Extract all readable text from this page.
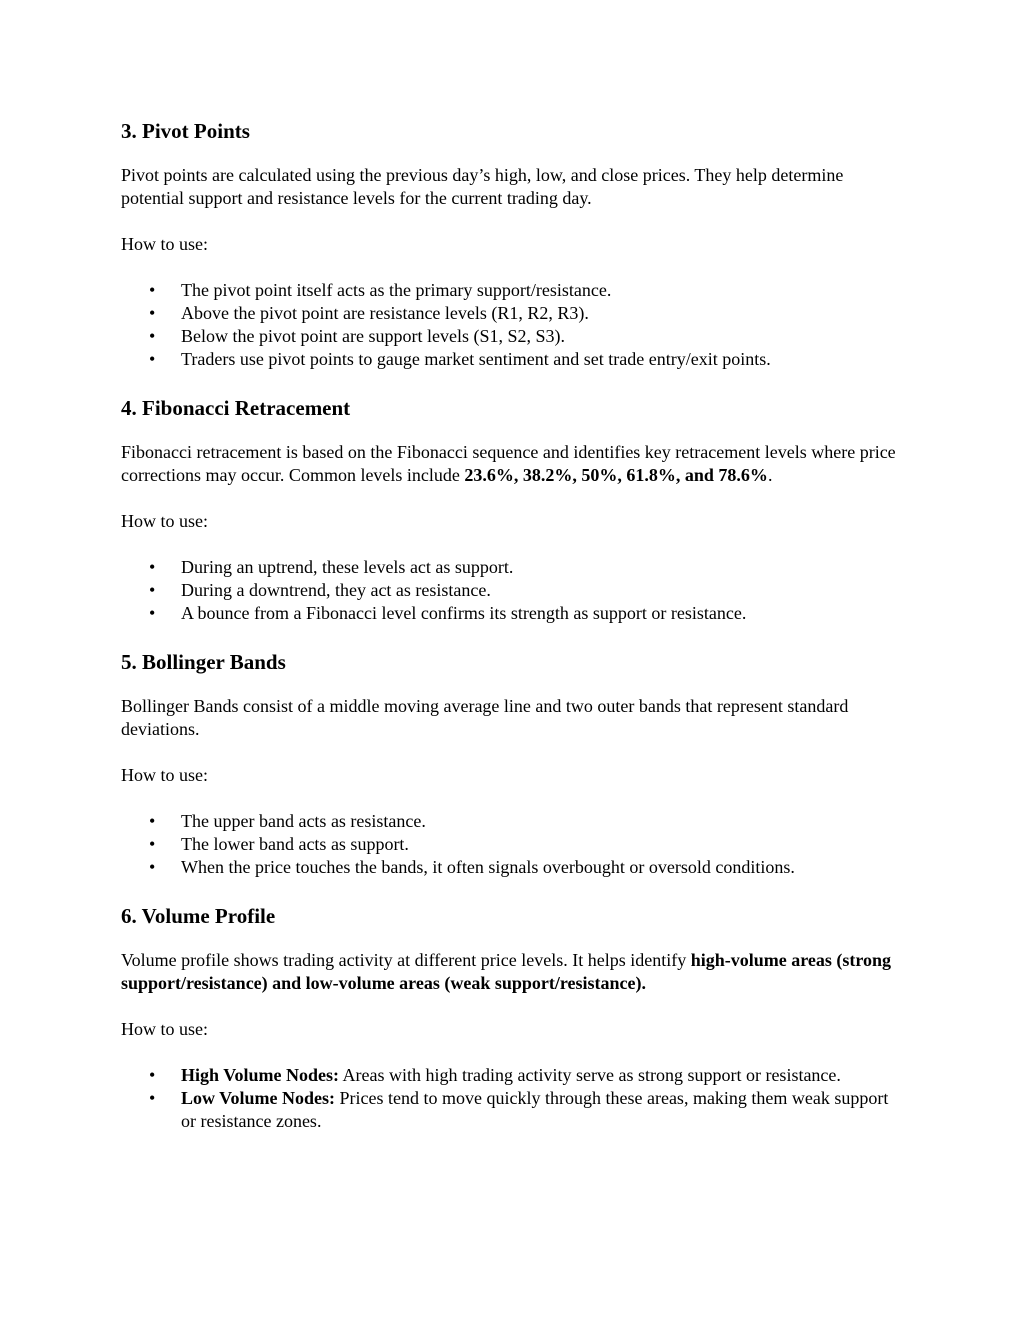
3. Pivot Points

Pivot points are calculated using the previous day’s high, low, and close prices. They help determine potential support and resistance levels for the current trading day.

How to use:

• The pivot point itself acts as the primary support/resistance.
• Above the pivot point are resistance levels (R1, R2, R3).
• Below the pivot point are support levels (S1, S2, S3).
• Traders use pivot points to gauge market sentiment and set trade entry/exit points.
4. Fibonacci Retracement

Fibonacci retracement is based on the Fibonacci sequence and identifies key retracement levels where price corrections may occur. Common levels include 23.6%, 38.2%, 50%, 61.8%, and 78.6%.

How to use:

• During an uptrend, these levels act as support.
• During a downtrend, they act as resistance.
• A bounce from a Fibonacci level confirms its strength as support or resistance.
5. Bollinger Bands

Bollinger Bands consist of a middle moving average line and two outer bands that represent standard deviations.

How to use:

• The upper band acts as resistance.
• The lower band acts as support.
• When the price touches the bands, it often signals overbought or oversold conditions.
6. Volume Profile

Volume profile shows trading activity at different price levels. It helps identify high-volume areas (strong support/resistance) and low-volume areas (weak support/resistance).

How to use:

• High Volume Nodes: Areas with high trading activity serve as strong support or resistance.
• Low Volume Nodes: Prices tend to move quickly through these areas, making them weak support or resistance zones.
